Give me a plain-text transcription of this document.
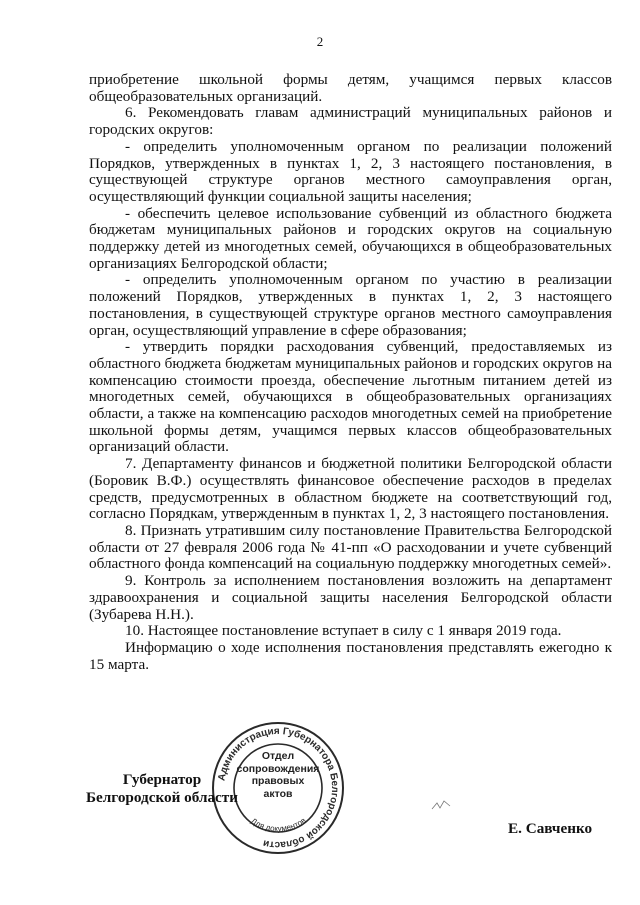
2

приобретение школьной формы детям, учащимся первых классов общеобразовательных организаций.

6. Рекомендовать главам администраций муниципальных районов и городских округов:

- определить уполномоченным органом по реализации положений Порядков, утвержденных в пунктах 1, 2, 3 настоящего постановления, в существующей структуре органов местного самоуправления орган, осуществляющий функции социальной защиты населения;

- обеспечить целевое использование субвенций из областного бюджета бюджетам муниципальных районов и городских округов на социальную поддержку детей из многодетных семей, обучающихся в общеобразовательных организациях Белгородской области;

- определить уполномоченным органом по участию в реализации положений Порядков, утвержденных в пунктах 1, 2, 3 настоящего постановления, в существующей структуре органов местного самоуправления орган, осуществляющий управление в сфере образования;

- утвердить порядки расходования субвенций, предоставляемых из областного бюджета бюджетам муниципальных районов и городских округов на компенсацию стоимости проезда, обеспечение льготным питанием детей из многодетных семей, обучающихся в общеобразовательных организациях области, а также на компенсацию расходов многодетных семей на приобретение школьной формы детям, учащимся первых классов общеобразовательных организаций области.

7. Департаменту финансов и бюджетной политики Белгородской области (Боровик В.Ф.) осуществлять финансовое обеспечение расходов в пределах средств, предусмотренных в областном бюджете на соответствующий год, согласно Порядкам, утвержденным в пунктах 1, 2, 3 настоящего постановления.

8. Признать утратившим силу постановление Правительства Белгородской области от 27 февраля 2006 года № 41-пп «О расходовании и учете субвенций областного фонда компенсаций на социальную поддержку многодетных семей».

9. Контроль за исполнением постановления возложить на департамент здравоохранения и социальной защиты населения Белгородской области (Зубарева Н.Н.).

10. Настоящее постановление вступает в силу с 1 января 2019 года.

Информацию о ходе исполнения постановления представлять ежегодно к 15 марта.

Администрация Губернатора Белгородской области
Для документов
Отдел
сопровождения
правовых
актов
Губернатор
Белгородской области
Е. Савченко
